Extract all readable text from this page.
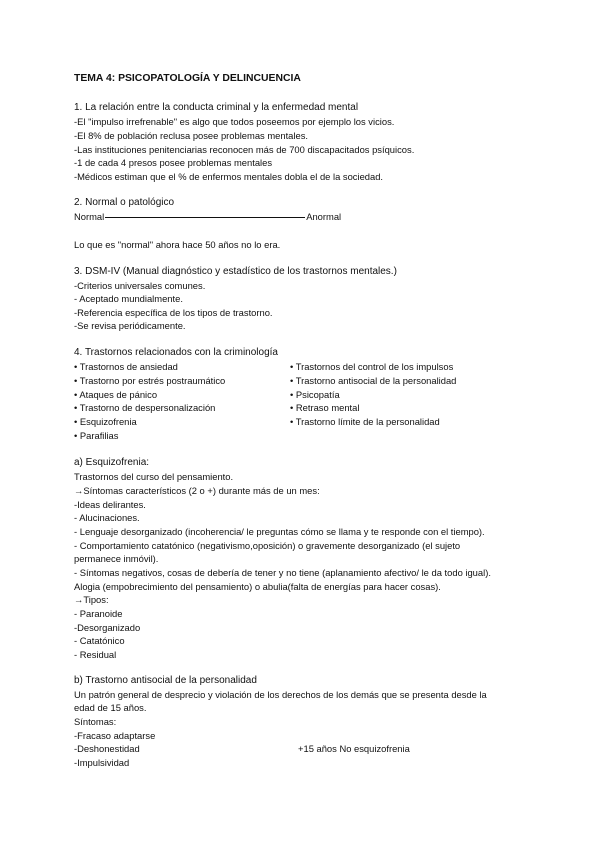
TEMA 4: PSICOPATOLOGÍA Y DELINCUENCIA
1. La relación entre la conducta criminal y la enfermedad mental
-El "impulso irrefrenable" es algo que todos poseemos por ejemplo los vicios.
-El 8% de población reclusa posee problemas mentales.
-Las instituciones penitenciarias reconocen más de 700 discapacitados psíquicos.
-1 de cada 4 presos posee problemas mentales
-Médicos estiman que el % de enfermos mentales dobla el de la sociedad.
2. Normal o patológico
Normal	Anormal
Lo que es "normal" ahora hace 50 años no lo era.
3. DSM-IV (Manual diagnóstico y estadístico de los trastornos mentales.)
-Criterios universales comunes.
- Aceptado mundialmente.
-Referencia específica de los tipos de trastorno.
-Se revisa periódicamente.
4. Trastornos relacionados con la criminología
• Trastornos de ansiedad
• Trastorno por estrés postraumático
• Ataques de pánico
• Trastorno de despersonalización
• Esquizofrenia
• Parafilias
• Trastornos del control de los impulsos
• Trastorno antisocial de la personalidad
• Psicopatía
• Retraso mental
• Trastorno límite de la personalidad
a) Esquizofrenia:
Trastornos del curso del pensamiento.
→Síntomas característicos (2 o +) durante más de un mes:
-Ideas delirantes.
- Alucinaciones.
- Lenguaje desorganizado (incoherencia/ le preguntas cómo se llama y te responde con el tiempo).
- Comportamiento catatónico (negativismo,oposición) o gravemente desorganizado (el sujeto
permanece inmóvil).
- Síntomas negativos, cosas de debería de tener y no tiene (aplanamiento afectivo/ le da todo igual).
Alogia (empobrecimiento del pensamiento) o abulia(falta de energías para hacer cosas).
→Tipos:
- Paranoide
-Desorganizado
- Catatónico
- Residual
b) Trastorno antisocial de la personalidad
Un patrón general de desprecio y violación de los derechos de los demás que se presenta desde la
edad de 15 años.
Síntomas:
-Fracaso adaptarse
-Deshonestidad
-Impulsividad
+15 años No esquizofrenia
